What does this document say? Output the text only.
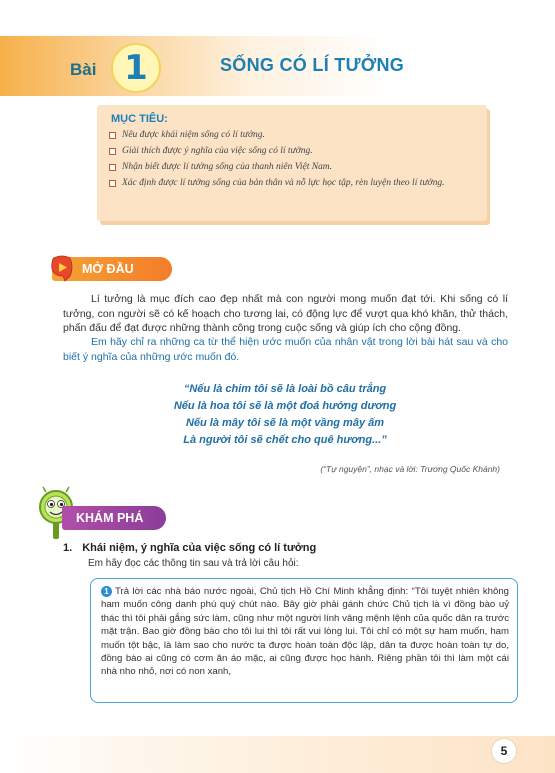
Bài 1	SỐNG CÓ LÍ TƯỞNG
MỤC TIÊU:
Nêu được khái niệm sống có lí tưởng.
Giải thích được ý nghĩa của việc sống có lí tưởng.
Nhận biết được lí tưởng sống của thanh niên Việt Nam.
Xác định được lí tưởng sống của bản thân và nỗ lực học tập, rèn luyện theo lí tưởng.
MỞ ĐẦU

Lí tưởng là mục đích cao đẹp nhất mà con người mong muốn đạt tới. Khi sống có lí tưởng, con người sẽ có kế hoạch cho tương lai, có động lực để vượt qua khó khăn, thử thách, phấn đấu để đạt được những thành công trong cuộc sống và giúp ích cho cộng đồng.

Em hãy chỉ ra những ca từ thể hiện ước muốn của nhân vật trong lời bài hát sau và cho biết ý nghĩa của những ước muốn đó.

“Nếu là chim tôi sẽ là loài bồ câu trắng
Nếu là hoa tôi sẽ là một đoá hướng dương
Nếu là mây tôi sẽ là một vầng mây ấm
Là người tôi sẽ chết cho quê hương...”
(“Tự nguyện”, nhạc và lời: Trương Quốc Khánh)
KHÁM PHÁ
1. Khái niệm, ý nghĩa của việc sống có lí tưởng
Em hãy đọc các thông tin sau và trả lời câu hỏi:
1 Trả lời các nhà báo nước ngoài, Chủ tịch Hồ Chí Minh khẳng định: “Tôi tuyệt nhiên không ham muốn công danh phú quý chút nào. Bây giờ phải gánh chức Chủ tịch là vì đồng bào uỷ thác thì tôi phải gắng sức làm, cũng như một người lính vâng mệnh lệnh của quốc dân ra trước mặt trận. Bao giờ đồng bào cho tôi lui thì tôi rất vui lòng lui. Tôi chỉ có một sự ham muốn, ham muốn tột bậc, là làm sao cho nước ta được hoàn toàn độc lập, dân ta được hoàn toàn tự do, đồng bào ai cũng có cơm ăn áo mặc, ai cũng được học hành. Riêng phần tôi thì làm một cái nhà nho nhỏ, nơi có non xanh,
5
